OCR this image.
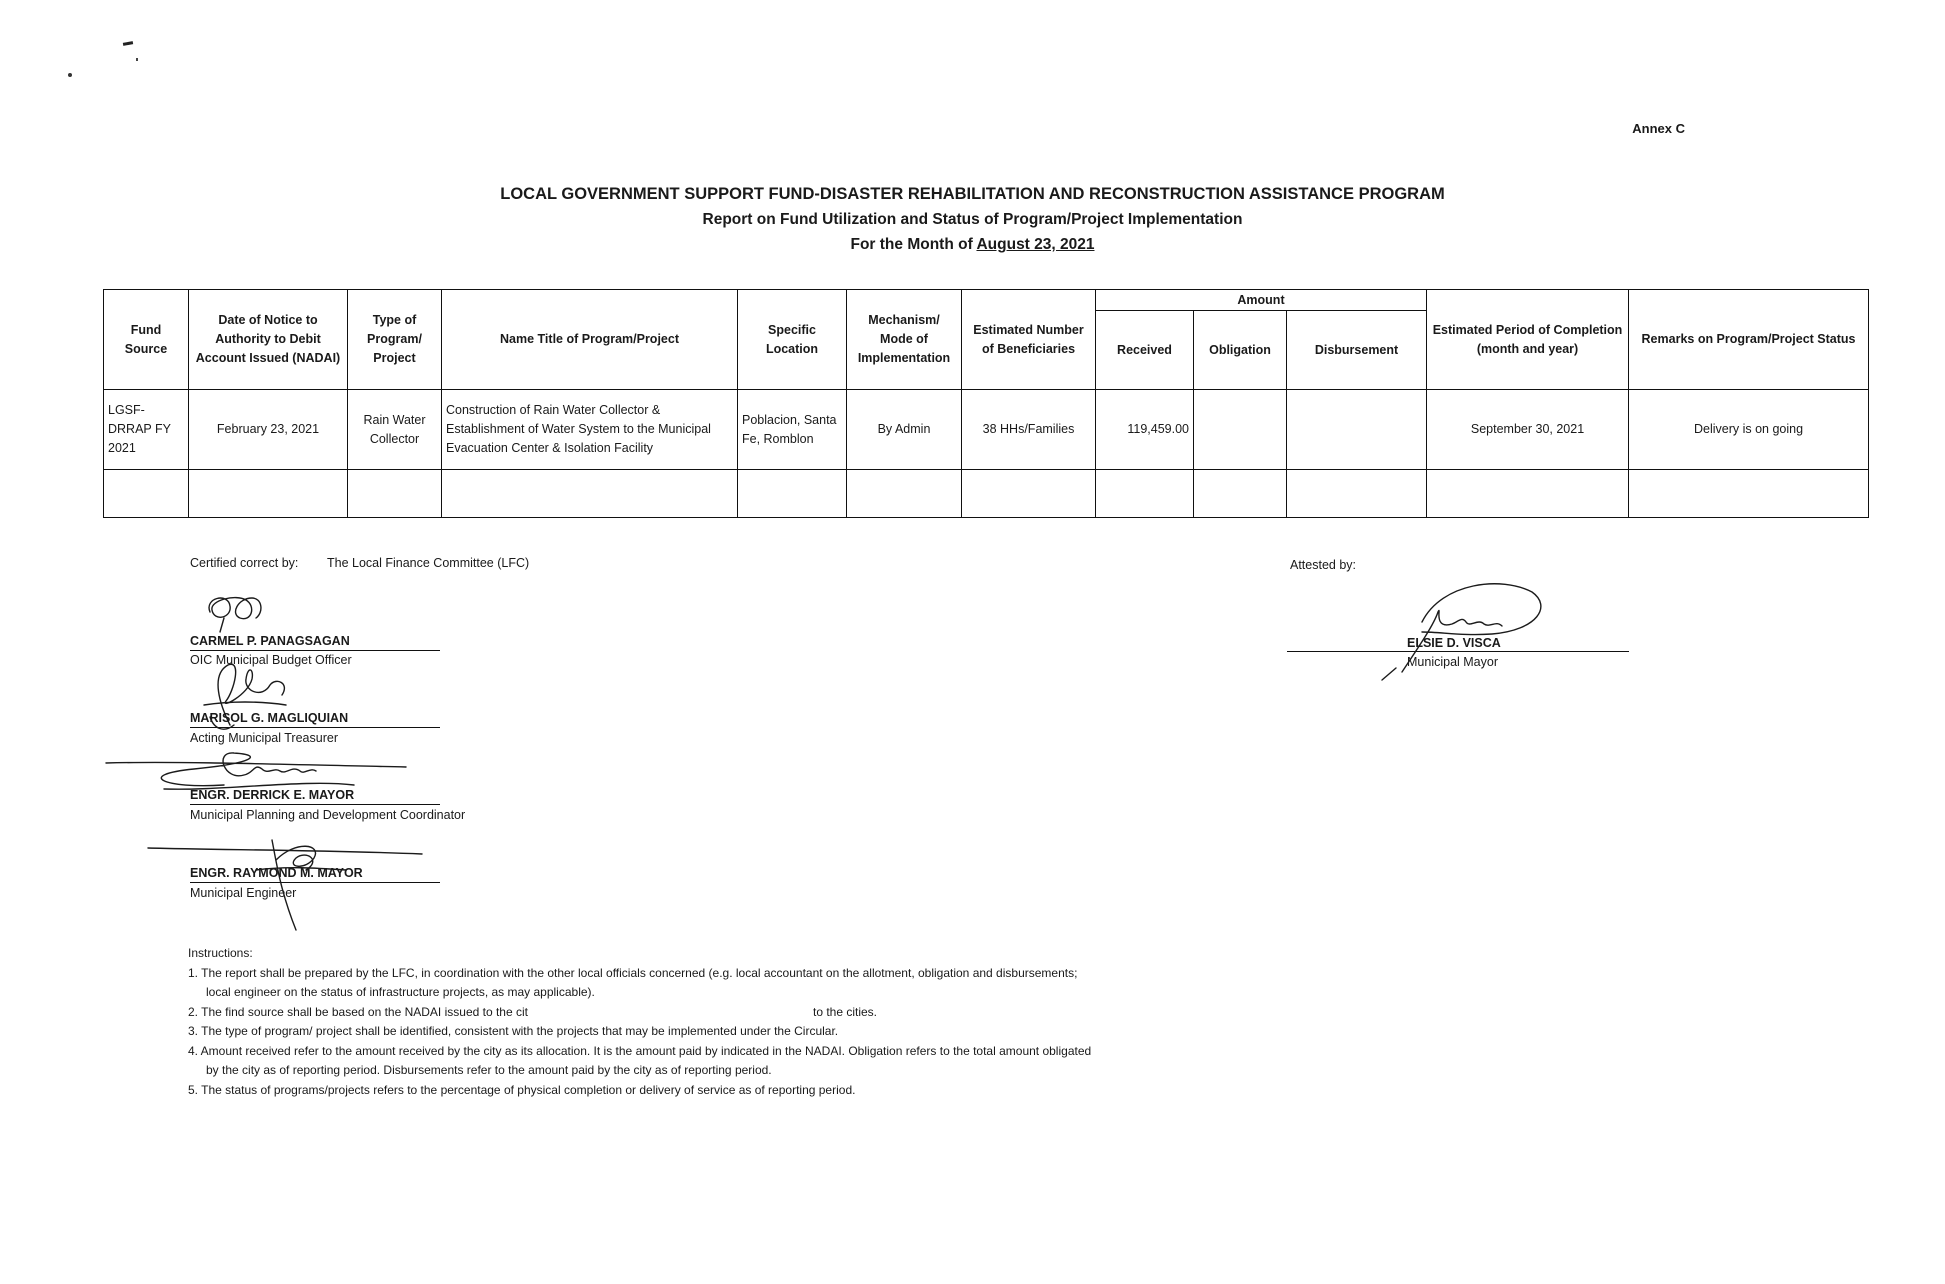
Annex C
LOCAL GOVERNMENT SUPPORT FUND-DISASTER REHABILITATION AND RECONSTRUCTION ASSISTANCE PROGRAM
Report on Fund Utilization and Status of Program/Project Implementation
For the Month of August 23, 2021
Fund Source	Date of Notice to Authority to Debit Account Issued (NADAI)	Type of Program/ Project	Name Title of Program/Project	Specific Location	Mechanism/ Mode of Implementation	Estimated Number of Beneficiaries	Amount			Estimated Period of Completion (month and year)	Remarks on Program/Project Status
							Received	Obligation	Disbursement		
LGSF-DRRAP FY 2021	February 23, 2021	Rain Water Collector	Construction of Rain Water Collector & Establishment of Water System to the Municipal Evacuation Center & Isolation Facility	Poblacion, Santa Fe, Romblon	By Admin	38 HHs/Families	119,459.00			September 30, 2021	Delivery is on going

Certified correct by: The Local Finance Committee (LFC)
CARMEL P. PANAGSAGAN
OIC Municipal Budget Officer
MARISOL G. MAGLIQUIAN
Acting Municipal Treasurer
ENGR. DERRICK E. MAYOR
Municipal Planning and Development Coordinator
ENGR. RAYMOND M. MAYOR
Municipal Engineer
Attested by:
ELSIE D. VISCA
Municipal Mayor
Instructions:
1. The report shall be prepared by the LFC, in coordination with the other local officials concerned (e.g. local accountant on the allotment, obligation and disbursements;
local engineer on the status of infrastructure projects, as may applicable).
2. The find source shall be based on the NADAI issued to the cit	to the cities.
3. The type of program/ project shall be identified, consistent with the projects that may be implemented under the Circular.
4. Amount received refer to the amount received by the city as its allocation. It is the amount paid by indicated in the NADAI. Obligation refers to the total amount obligated
by the city as of reporting period. Disbursements refer to the amount paid by the city as of reporting period.
5. The status of programs/projects refers to the percentage of physical completion or delivery of service as of reporting period.
